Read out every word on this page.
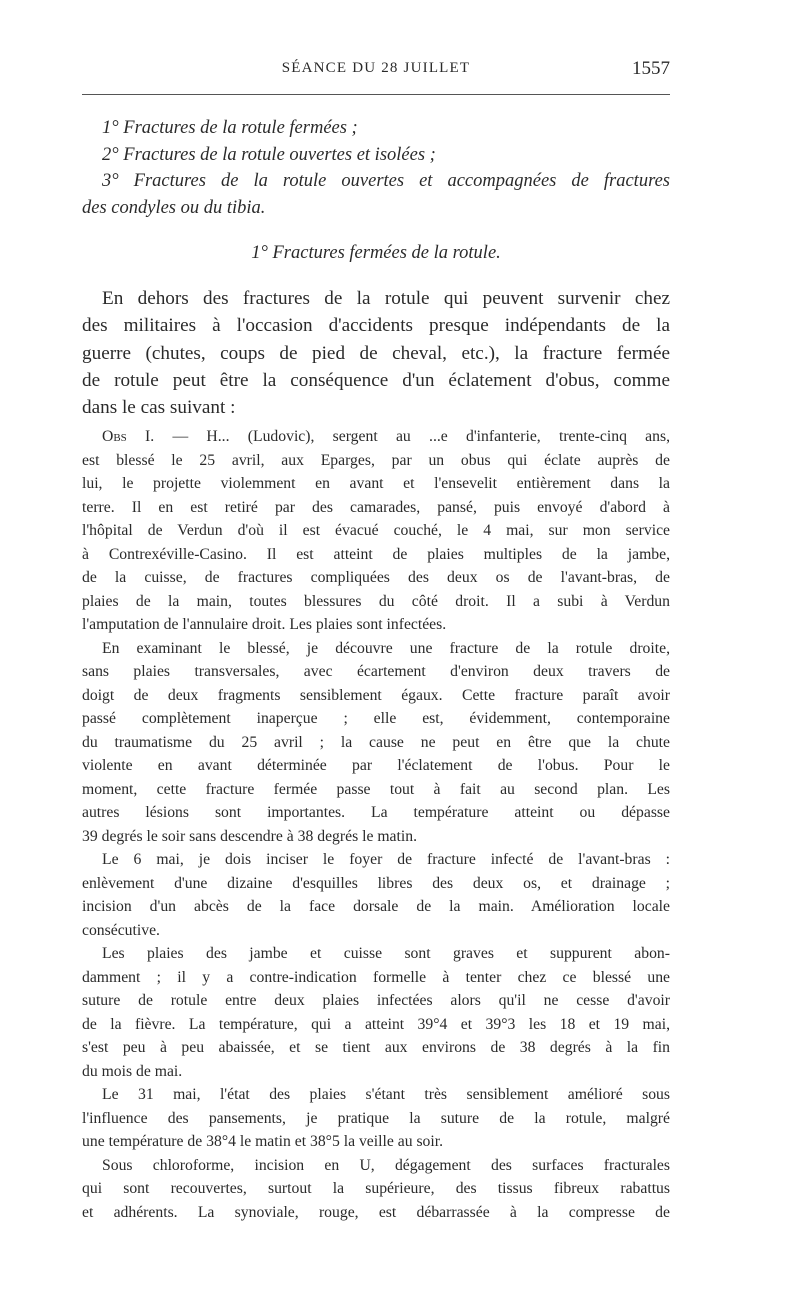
SÉANCE DU 28 JUILLET	1557
1° Fractures de la rotule fermées ;
2° Fractures de la rotule ouvertes et isolées ;
3° Fractures de la rotule ouvertes et accompagnées de fractures
des condyles ou du tibia.
1° Fractures fermées de la rotule.
En dehors des fractures de la rotule qui peuvent survenir chez
des militaires à l'occasion d'accidents presque indépendants de la
guerre (chutes, coups de pied de cheval, etc.), la fracture fermée
de rotule peut être la conséquence d'un éclatement d'obus, comme
dans le cas suivant :
Obs I. — H... (Ludovic), sergent au ...e d'infanterie, trente-cinq ans,
est blessé le 25 avril, aux Eparges, par un obus qui éclate auprès de
lui, le projette violemment en avant et l'ensevelit entièrement dans la
terre. Il en est retiré par des camarades, pansé, puis envoyé d'abord à
l'hôpital de Verdun d'où il est évacué couché, le 4 mai, sur mon service
à Contrexéville-Casino. Il est atteint de plaies multiples de la jambe,
de la cuisse, de fractures compliquées des deux os de l'avant-bras, de
plaies de la main, toutes blessures du côté droit. Il a subi à Verdun
l'amputation de l'annulaire droit. Les plaies sont infectées.
En examinant le blessé, je découvre une fracture de la rotule droite,
sans plaies transversales, avec écartement d'environ deux travers de
doigt de deux fragments sensiblement égaux. Cette fracture paraît avoir
passé complètement inaperçue ; elle est, évidemment, contemporaine
du traumatisme du 25 avril ; la cause ne peut en être que la chute
violente en avant déterminée par l'éclatement de l'obus. Pour le
moment, cette fracture fermée passe tout à fait au second plan. Les
autres lésions sont importantes. La température atteint ou dépasse
39 degrés le soir sans descendre à 38 degrés le matin.
Le 6 mai, je dois inciser le foyer de fracture infecté de l'avant-bras :
enlèvement d'une dizaine d'esquilles libres des deux os, et drainage ;
incision d'un abcès de la face dorsale de la main. Amélioration locale
consécutive.
Les plaies des jambe et cuisse sont graves et suppurent abon-
damment ; il y a contre-indication formelle à tenter chez ce blessé une
suture de rotule entre deux plaies infectées alors qu'il ne cesse d'avoir
de la fièvre. La température, qui a atteint 39°4 et 39°3 les 18 et 19 mai,
s'est peu à peu abaissée, et se tient aux environs de 38 degrés à la fin
du mois de mai.
Le 31 mai, l'état des plaies s'étant très sensiblement amélioré sous
l'influence des pansements, je pratique la suture de la rotule, malgré
une température de 38°4 le matin et 38°5 la veille au soir.
Sous chloroforme, incision en U, dégagement des surfaces fracturales
qui sont recouvertes, surtout la supérieure, des tissus fibreux rabattus
et adhérents. La synoviale, rouge, est débarrassée à la compresse de
